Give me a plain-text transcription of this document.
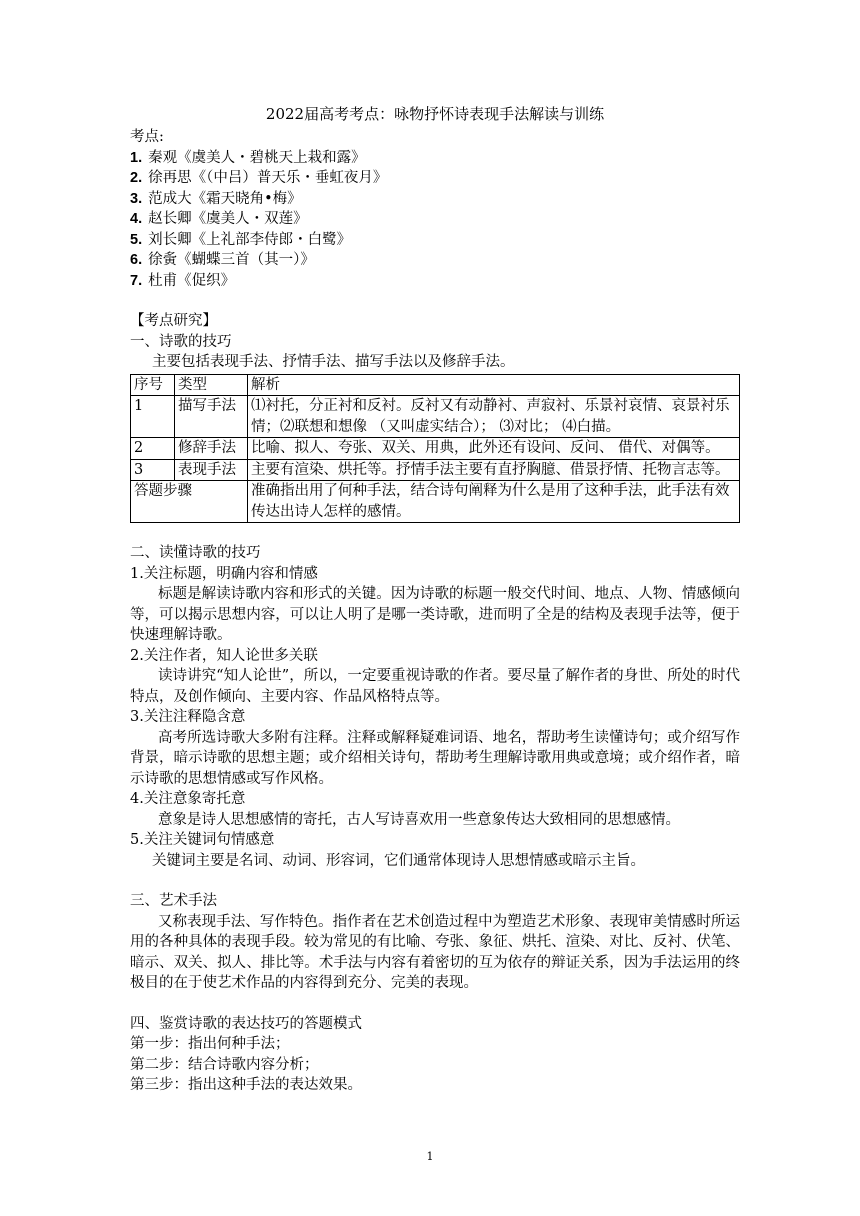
2022届高考考点：咏物抒怀诗表现手法解读与训练
考点:
1. 秦观《虞美人・碧桃天上栽和露》
2. 徐再思《（中吕）普天乐・垂虹夜月》
3. 范成大《霜天晓角•梅》
4. 赵长卿《虞美人・双莲》
5. 刘长卿《上礼部李侍郎・白鹭》
6. 徐夤《蝴蝶三首（其一）》
7. 杜甫《促织》
【考点研究】
一、诗歌的技巧
主要包括表现手法、抒情手法、描写手法以及修辞手法。
序号	类型	解析
1	描写手法	⑴衬托，分正衬和反衬。反衬又有动静衬、声寂衬、乐景衬哀情、哀景衬乐情；⑵联想和想像 （又叫虚实结合）； ⑶对比； ⑷白描。
2	修辞手法	比喻、拟人、夸张、双关、用典，此外还有设问、反问、 借代、对偶等。
3	表现手法	主要有渲染、烘托等。抒情手法主要有直抒胸臆、借景抒情、托物言志等。
答题步骤		准确指出用了何种手法，结合诗句阐释为什么是用了这种手法，此手法有效传达出诗人怎样的感情。
二、读懂诗歌的技巧
1.关注标题，明确内容和情感
标题是解读诗歌内容和形式的关键。因为诗歌的标题一般交代时间、地点、人物、情感倾向等，可以揭示思想内容，可以让人明了是哪一类诗歌，进而明了全是的结构及表现手法等，便于快速理解诗歌。
2.关注作者，知人论世多关联
读诗讲究“知人论世”，所以，一定要重视诗歌的作者。要尽量了解作者的身世、所处的时代特点，及创作倾向、主要内容、作品风格特点等。
3.关注注释隐含意
高考所选诗歌大多附有注释。注释或解释疑难词语、地名，帮助考生读懂诗句；或介绍写作背景，暗示诗歌的思想主题；或介绍相关诗句，帮助考生理解诗歌用典或意境；或介绍作者，暗示诗歌的思想情感或写作风格。
4.关注意象寄托意
意象是诗人思想感情的寄托，古人写诗喜欢用一些意象传达大致相同的思想感情。
5.关注关键词句情感意
关键词主要是名词、动词、形容词，它们通常体现诗人思想情感或暗示主旨。
三、艺术手法
又称表现手法、写作特色。指作者在艺术创造过程中为塑造艺术形象、表现审美情感时所运用的各种具体的表现手段。较为常见的有比喻、夸张、象征、烘托、渲染、对比、反衬、伏笔、暗示、双关、拟人、排比等。术手法与内容有着密切的互为依存的辩证关系，因为手法运用的终极目的在于使艺术作品的内容得到充分、完美的表现。
四、鉴赏诗歌的表达技巧的答题模式
第一步：指出何种手法；
第二步：结合诗歌内容分析；
第三步：指出这种手法的表达效果。
1
